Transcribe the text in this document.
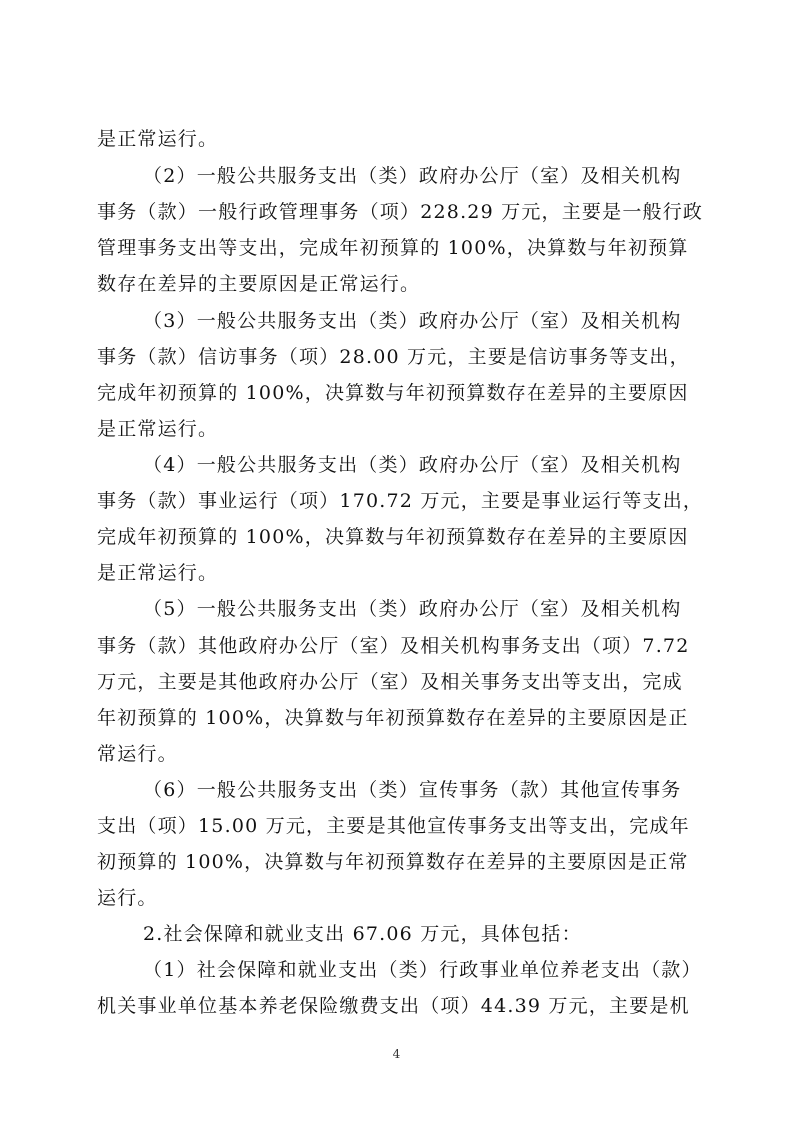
是正常运行。
（2）一般公共服务支出（类）政府办公厅（室）及相关机构
事务（款）一般行政管理事务（项）228.29 万元，主要是一般行政
管理事务支出等支出，完成年初预算的 100%，决算数与年初预算
数存在差异的主要原因是正常运行。
（3）一般公共服务支出（类）政府办公厅（室）及相关机构
事务（款）信访事务（项）28.00 万元，主要是信访事务等支出，
完成年初预算的 100%，决算数与年初预算数存在差异的主要原因
是正常运行。
（4）一般公共服务支出（类）政府办公厅（室）及相关机构
事务（款）事业运行（项）170.72 万元，主要是事业运行等支出，
完成年初预算的 100%，决算数与年初预算数存在差异的主要原因
是正常运行。
（5）一般公共服务支出（类）政府办公厅（室）及相关机构
事务（款）其他政府办公厅（室）及相关机构事务支出（项）7.72
万元，主要是其他政府办公厅（室）及相关事务支出等支出，完成
年初预算的 100%，决算数与年初预算数存在差异的主要原因是正
常运行。
（6）一般公共服务支出（类）宣传事务（款）其他宣传事务
支出（项）15.00 万元，主要是其他宣传事务支出等支出，完成年
初预算的 100%，决算数与年初预算数存在差异的主要原因是正常
运行。
2.社会保障和就业支出 67.06 万元，具体包括：
（1）社会保障和就业支出（类）行政事业单位养老支出（款）
机关事业单位基本养老保险缴费支出（项）44.39 万元，主要是机
4
